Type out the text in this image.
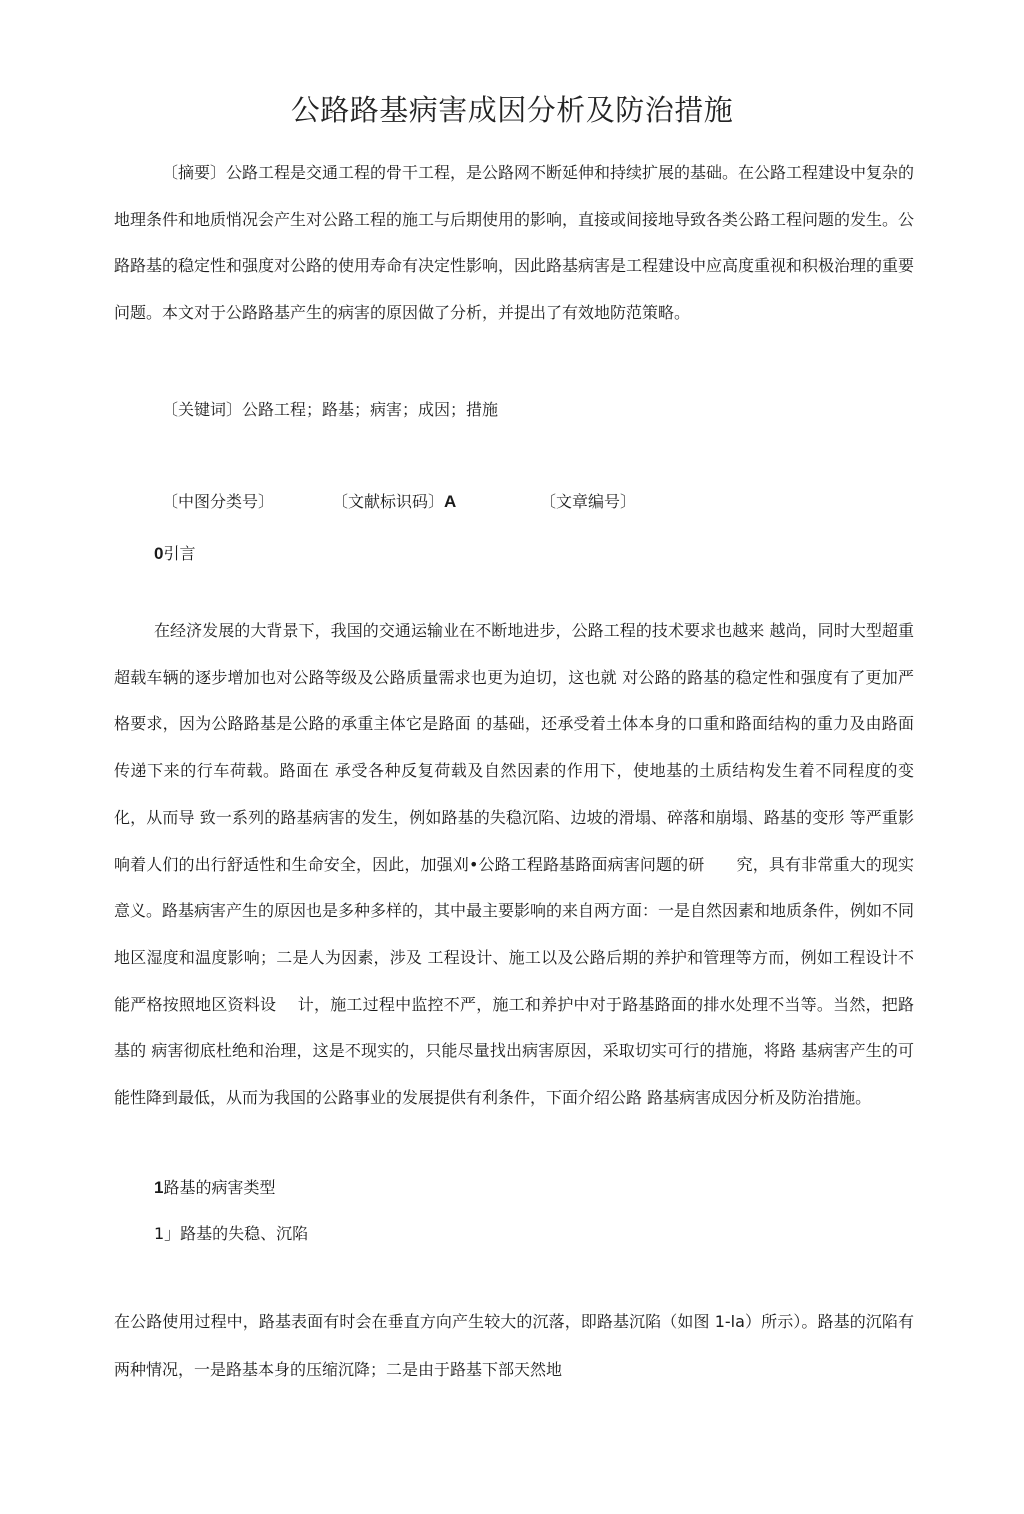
公路路基病害成因分析及防治措施
〔摘要〕公路工程是交通工程的骨干工程，是公路网不断延伸和持续扩展的基础。在公路工程建设中复杂的地理条件和地质悄况会产生对公路工程的施工与后期使用的影响，直接或间接地导致各类公路工程问题的发生。公路路基的稳定性和强度对公路的使用寿命有决定性影响，因此路基病害是工程建设中应高度重视和积极治理的重要问题。本文对于公路路基产生的病害的原因做了分析，并提出了有效地防范策略。
〔关键词〕公路工程；路基；病害；成因；措施
〔中图分类号〕	〔文献标识码〕A	〔文章编号〕
0引言
在经济发展的大背景下，我国的交通运输业在不断地进步，公路工程的技术要求也越来 越尚，同时大型超重超载车辆的逐步增加也对公路等级及公路质量需求也更为迫切，这也就 对公路的路基的稳定性和强度有了更加严格要求，因为公路路基是公路的承重主体它是路面 的基础，还承受着土体本身的口重和路面结构的重力及由路面传递下来的行车荷载。路面在 承受各种反复荷载及自然因素的作用下，使地基的土质结构发生着不同程度的变化，从而导 致一系列的路基病害的发生，例如路基的失稳沉陷、边坡的滑塌、碎落和崩塌、路基的变形 等严重影响着人们的出行舒适性和生命安全，因此，加强刈•公路工程路基路面病害问题的研　　究，具有非常重大的现实意义。路基病害产生的原因也是多种多样的，其中最主要影响的来自两方面：一是自然因素和地质条件，例如不同地区湿度和温度影响；二是人为因素，涉及 工程设计、施工以及公路后期的养护和管理等方而，例如工程设计不能严格按照地区资料设　 计，施工过程中监控不严，施工和养护中对于路基路面的排水处理不当等。当然，把路基的 病害彻底杜绝和治理，这是不现实的，只能尽量找出病害原因，采取切实可行的措施，将路 基病害产生的可能性降到最低，从而为我国的公路事业的发展提供有利条件，下面介绍公路 路基病害成因分析及防治措施。
1路基的病害类型
1」路基的失稳、沉陷
在公路使用过程中，路基表面有时会在垂直方向产生较大的沉落，即路基沉陷（如图 1-la）所示）。路基的沉陷有两种情况，一是路基本身的压缩沉降；二是由于路基下部天然地
